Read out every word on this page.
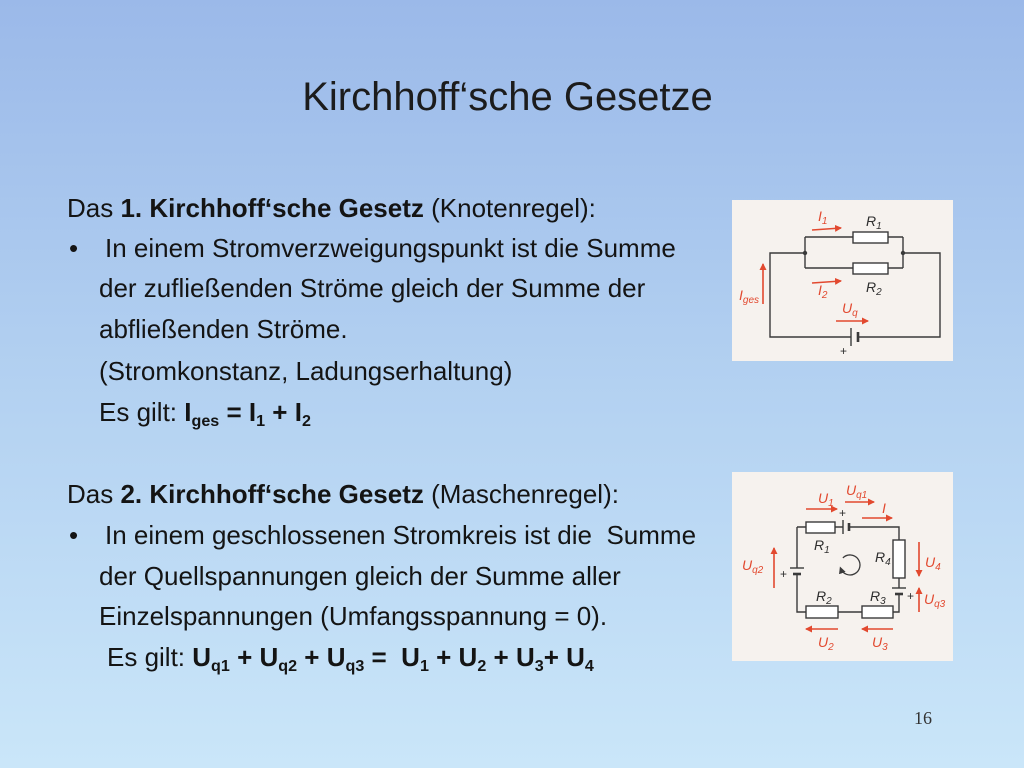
Kirchhoff‘sche Gesetze
Das 1. Kirchhoff‘sche Gesetz (Knotenregel):
• In einem Stromverzweigungspunkt ist die Summe
der zufließenden Ströme gleich der Summe der
abfließenden Ströme.
(Stromkonstanz, Ladungserhaltung)
Es gilt: Iges = I1 + I2
Das 2. Kirchhoff‘sche Gesetz (Maschenregel):
• In einem geschlossenen Stromkreis ist die  Summe
der Quellspannungen gleich der Summe aller
Einzelspannungen (Umfangsspannung = 0).
Es gilt: Uq1 + Uq2 + Uq3 =  U1 + U2 + U3+ U4
+
$I_1$	$R_1$
$R_2$
$I_2$
$I_{ges}$	$U_q$
+
+
+
$U_1$
$U_{q1}$
I
$R_1$	$R_4$ $U_4$
$U_{q3}$
$U_{q2}$
$R_2$	$R_3$
$U_2$	$U_3$
16
